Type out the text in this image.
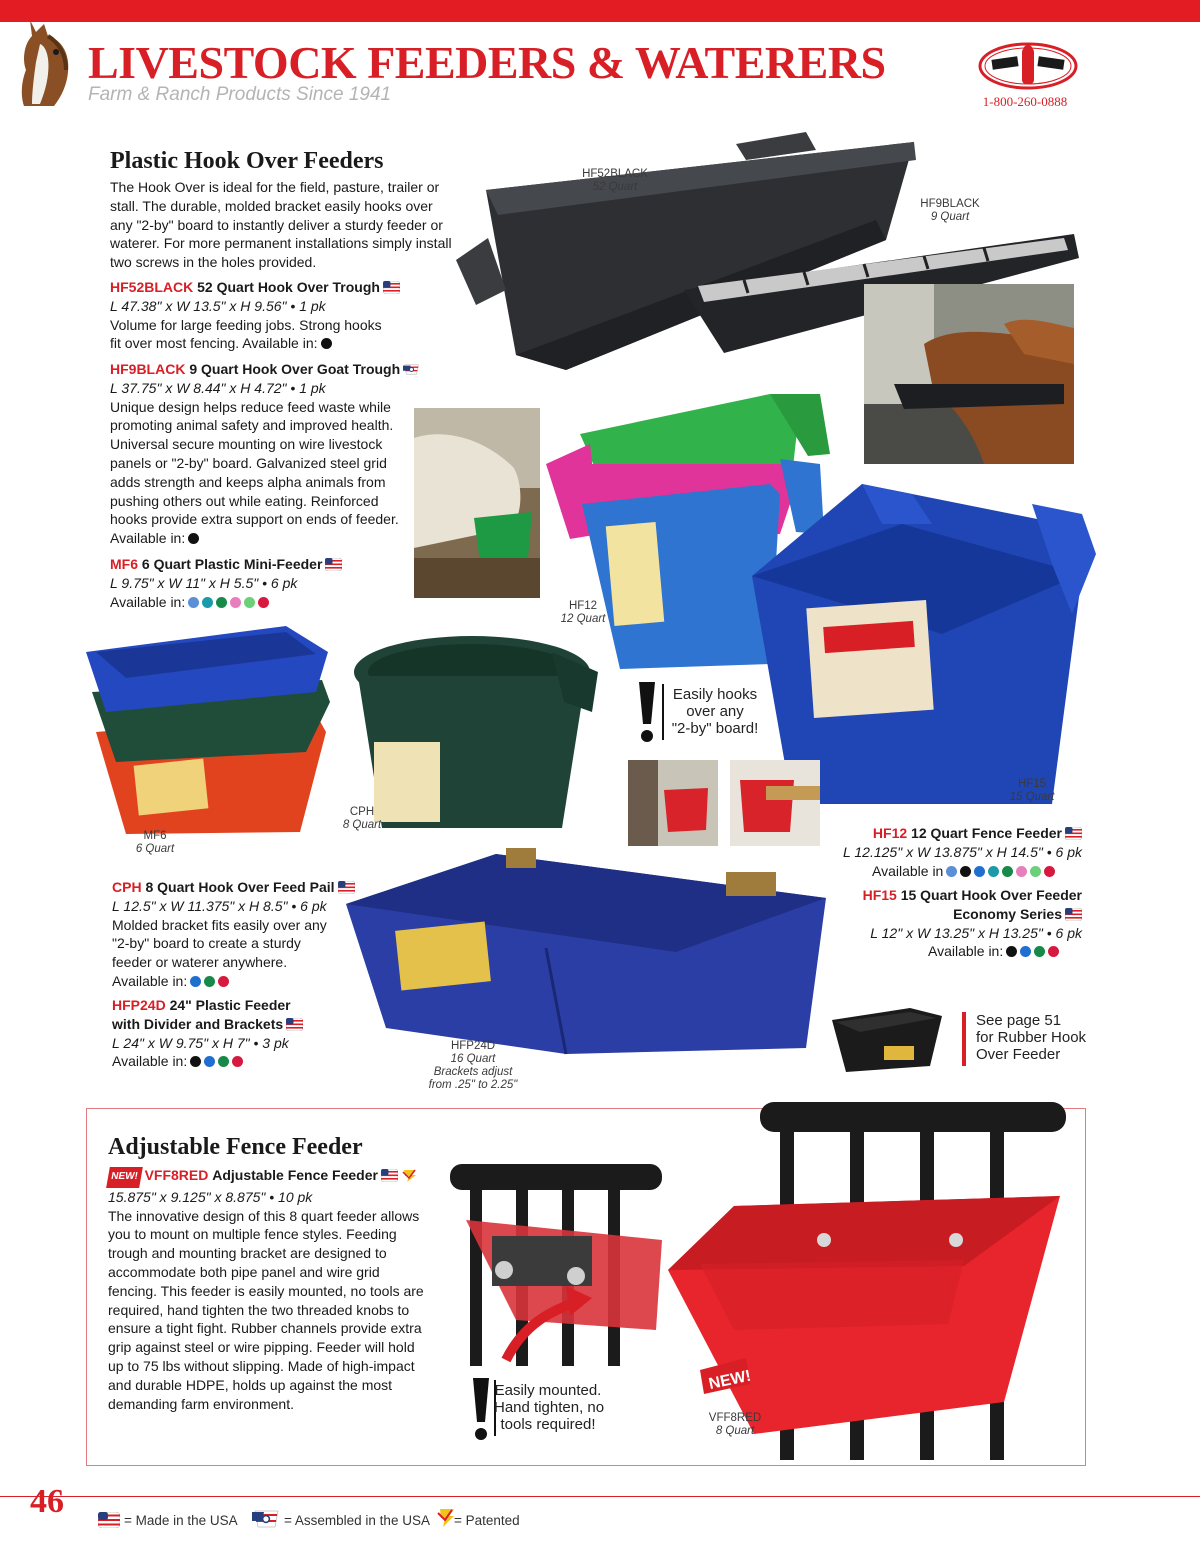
LIVESTOCK FEEDERS & WATERERS
Farm & Ranch Products Since 1941	1-800-260-0888
Plastic Hook Over Feeders
The Hook Over is ideal for the field, pasture, trailer or
stall. The durable, molded bracket easily hooks over
any "2-by" board to instantly deliver a sturdy feeder or
waterer. For more permanent installations simply install
two screws in the holes provided.
HF52BLACK 52 Quart Hook Over Trough
L 47.38" x W 13.5" x H 9.56" • 1 pk
Volume for large feeding jobs. Strong hooks
fit over most fencing. Available in:
HF9BLACK 9 Quart Hook Over Goat Trough
L 37.75" x W 8.44" x H 4.72" • 1 pk
Unique design helps reduce feed waste while
promoting animal safety and improved health.
Universal secure mounting on wire livestock
panels or "2-by" board. Galvanized steel grid
adds strength and keeps alpha animals from
pushing others out while eating. Reinforced
hooks provide extra support on ends of feeder.
Available in:
MF6 6 Quart Plastic Mini-Feeder
L 9.75" x W 11" x H 5.5" • 6 pk
Available in:
HF52BLACK
52 Quart
HF9BLACK
9 Quart
HF12
12 Quart
HF15
15 Quart
Easily hooks
over any
"2-by" board!
MF6
6 Quart
CPH
8 Quart	HF12 12 Quart Fence Feeder
L 12.125" x W 13.875" x H 14.5" • 6 pk
Available in
HF15 15 Quart Hook Over Feeder
Economy Series
L 12" x W 13.25" x H 13.25" • 6 pk
Available in:
CPH 8 Quart Hook Over Feed Pail
L 12.5" x W 11.375" x H 8.5" • 6 pk
Molded bracket fits easily over any
"2-by" board to create a sturdy
feeder or waterer anywhere.
Available in:
HFP24D 24" Plastic Feeder
with Divider and Brackets
L 24" x W 9.75" x H 7" • 3 pk
Available in:
HFP24D
16 Quart
Brackets adjust
from .25" to 2.25"
See page 51
for Rubber Hook
Over Feeder
Adjustable Fence Feeder
NEW! VFF8RED Adjustable Fence Feeder
15.875" x 9.125" x 8.875" • 10 pk
The innovative design of this 8 quart feeder allows
you to mount on multiple fence styles. Feeding
trough and mounting bracket are designed to
accommodate both pipe panel and wire grid
fencing. This feeder is easily mounted, no tools are
required, hand tighten the two threaded knobs to
ensure a tight fight. Rubber channels provide extra
grip against steel or wire pipping. Feeder will hold
up to 75 lbs without slipping. Made of high-impact
and durable HDPE, holds up against the most
demanding farm environment.
Easily mounted.
Hand tighten, no
tools required!
NEW!
VFF8RED
8 Quart
46
= Made in the USA	= Assembled in the USA = Patented
